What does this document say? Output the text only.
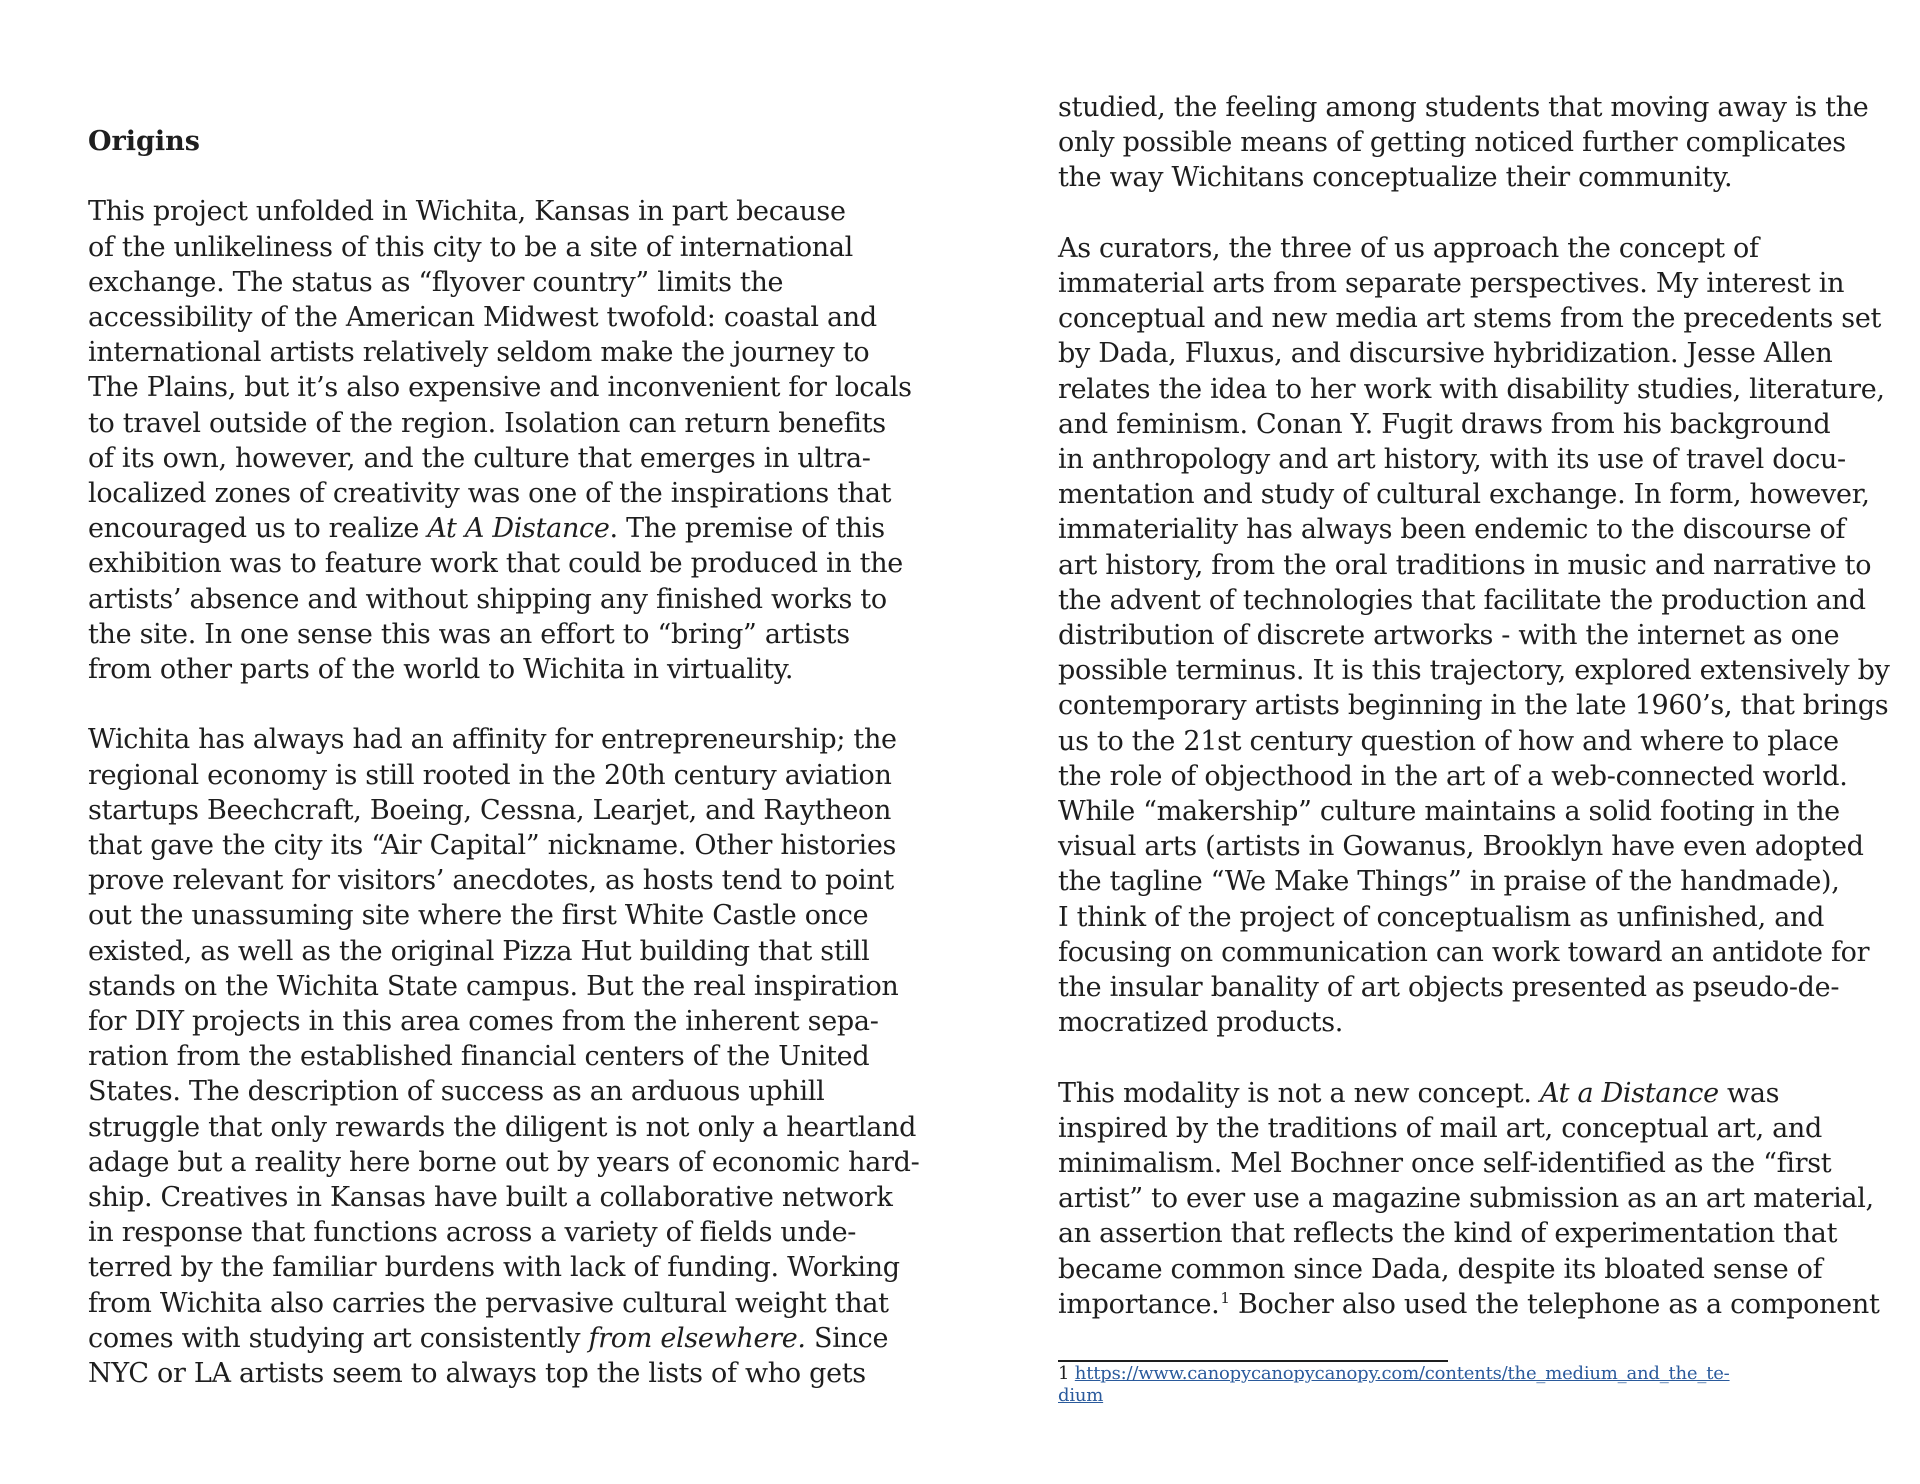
Origins
This project unfolded in Wichita, Kansas in part because
of the unlikeliness of this city to be a site of international
exchange. The status as “flyover country” limits the
accessibility of the American Midwest twofold: coastal and
international artists relatively seldom make the journey to
The Plains, but it’s also expensive and inconvenient for locals
to travel outside of the region. Isolation can return benefits
of its own, however, and the culture that emerges in ultra-
localized zones of creativity was one of the inspirations that
encouraged us to realize At A Distance. The premise of this
exhibition was to feature work that could be produced in the
artists’ absence and without shipping any finished works to
the site. In one sense this was an effort to “bring” artists
from other parts of the world to Wichita in virtuality.
Wichita has always had an affinity for entrepreneurship; the
regional economy is still rooted in the 20th century aviation
startups Beechcraft, Boeing, Cessna, Learjet, and Raytheon
that gave the city its “Air Capital” nickname. Other histories
prove relevant for visitors’ anecdotes, as hosts tend to point
out the unassuming site where the first White Castle once
existed, as well as the original Pizza Hut building that still
stands on the Wichita State campus. But the real inspiration
for DIY projects in this area comes from the inherent sepa-
ration from the established financial centers of the United
States. The description of success as an arduous uphill
struggle that only rewards the diligent is not only a heartland
adage but a reality here borne out by years of economic hard-
ship. Creatives in Kansas have built a collaborative network
in response that functions across a variety of fields unde-
terred by the familiar burdens with lack of funding. Working
from Wichita also carries the pervasive cultural weight that
comes with studying art consistently from elsewhere. Since
NYC or LA artists seem to always top the lists of who gets
studied, the feeling among students that moving away is the
only possible means of getting noticed further complicates
the way Wichitans conceptualize their community.
As curators, the three of us approach the concept of
immaterial arts from separate perspectives. My interest in
conceptual and new media art stems from the precedents set
by Dada, Fluxus, and discursive hybridization. Jesse Allen
relates the idea to her work with disability studies, literature,
and feminism. Conan Y. Fugit draws from his background
in anthropology and art history, with its use of travel docu-
mentation and study of cultural exchange. In form, however,
immateriality has always been endemic to the discourse of
art history, from the oral traditions in music and narrative to
the advent of technologies that facilitate the production and
distribution of discrete artworks - with the internet as one
possible terminus. It is this trajectory, explored extensively by
contemporary artists beginning in the late 1960’s, that brings
us to the 21st century question of how and where to place
the role of objecthood in the art of a web-connected world.
While “makership” culture maintains a solid footing in the
visual arts (artists in Gowanus, Brooklyn have even adopted
the tagline “We Make Things” in praise of the handmade),
I think of the project of conceptualism as unfinished, and
focusing on communication can work toward an antidote for
the insular banality of art objects presented as pseudo-de-
mocratized products.
This modality is not a new concept. At a Distance was
inspired by the traditions of mail art, conceptual art, and
minimalism. Mel Bochner once self-identified as the “first
artist” to ever use a magazine submission as an art material,
an assertion that reflects the kind of experimentation that
became common since Dada, despite its bloated sense of
importance.$^1$ Bocher also used the telephone as a component
1 https://www.canopycanopycanopy.com/contents/the_medium_and_the_te-
dium
